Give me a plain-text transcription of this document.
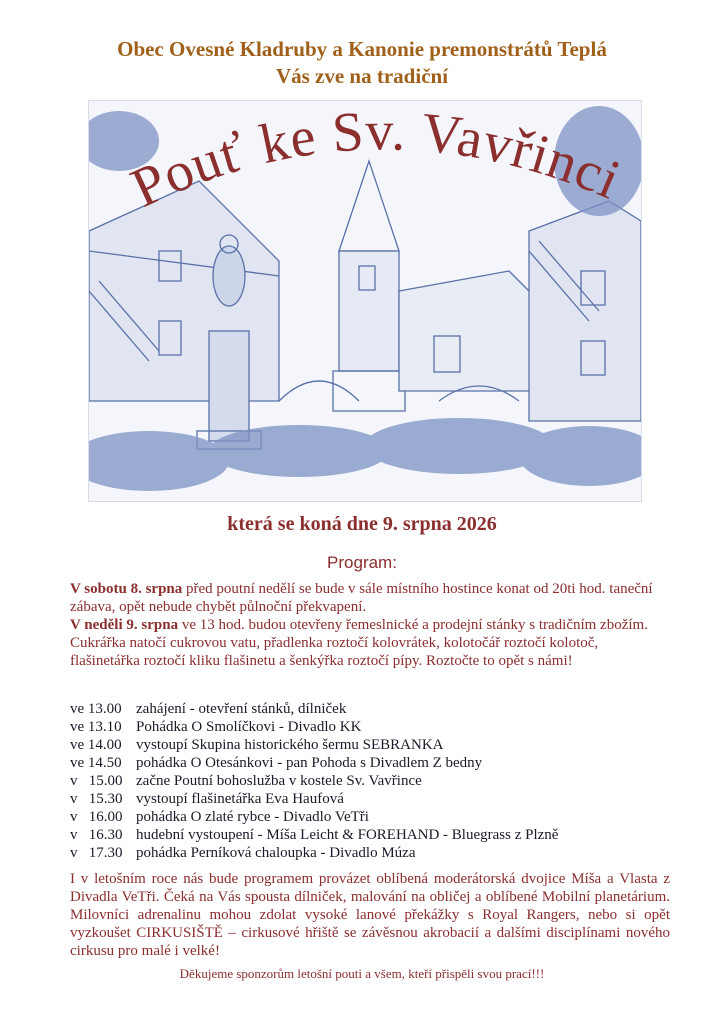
Obec Ovesné Kladruby a Kanonie premonstrátů Teplá
Vás zve na tradiční
Pouť ke Sv. Vavřinci
která se koná dne 9. srpna 2026
Program:

V sobotu 8. srpna před poutní nedělí se bude v sále místního hostince konat od 20ti hod. taneční zábava, opět nebude chybět půlnoční překvapení.

V neděli 9. srpna ve 13 hod. budou otevřeny řemeslnické a prodejní stánky s tradičním zbožím.

Cukrářka natočí cukrovou vatu, přadlenka roztočí kolovrátek, kolotočář roztočí kolotoč, flašinetářka roztočí kliku flašinetu a šenkýřka roztočí pípy. Roztočte to opět s námi!

ve 13.00 zahájení - otevření stánků, dílniček
ve 13.10 Pohádka O Smolíčkovi - Divadlo KK
ve 14.00 vystoupí Skupina historického šermu SEBRANKA
ve 14.50 pohádka O Otesánkovi - pan Pohoda s Divadlem Z bedny
v   15.00 začne Poutní bohoslužba v kostele Sv. Vavřince
v   15.30 vystoupí flašinetářka Eva Haufová
v   16.00 pohádka O zlaté rybce - Divadlo VeTři
v   16.30 hudební vystoupení - Míša Leicht & FOREHAND - Bluegrass z Plzně
v   17.30 pohádka Perníková chaloupka - Divadlo Múza
I v letošním roce nás bude programem provázet oblíbená moderátorská dvojice Míša a Vlasta z Divadla VeTři. Čeká na Vás spousta dílniček, malování na obličej a oblíbené Mobilní planetárium. Milovníci adrenalinu mohou zdolat vysoké lanové překážky s Royal Rangers, nebo si opět vyzkoušet CIRKUSIŠTĚ – cirkusové hřiště se závěsnou akrobacií a dalšími disciplínami nového cirkusu pro malé i velké!
Děkujeme sponzorům letošní pouti a všem, kteří přispěli svou prací!!!
